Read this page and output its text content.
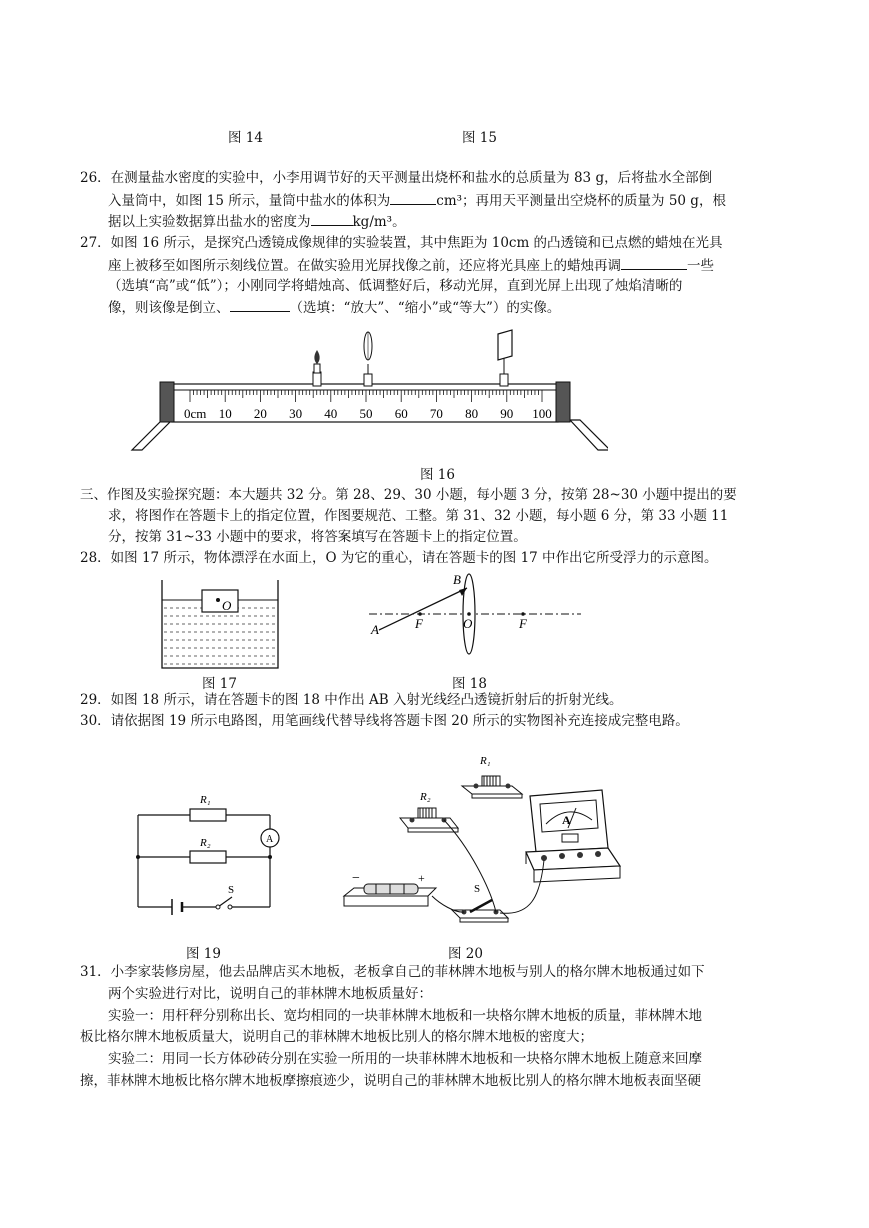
图 14	图 15
26．在测量盐水密度的实验中，小李用调节好的天平测量出烧杯和盐水的总质量为 83 g，后将盐水全部倒
入量筒中，如图 15 所示，量筒中盐水的体积为	cm³；再用天平测量出空烧杯的质量为 50 g，根
据以上实验数据算出盐水的密度为	kg/m³。
27．如图 16 所示，是探究凸透镜成像规律的实验装置，其中焦距为 10cm 的凸透镜和已点燃的蜡烛在光具
座上被移至如图所示刻线位置。在做实验用光屏找像之前，还应将光具座上的蜡烛再调	一些
（选填“高”或“低”）；小刚同学将蜡烛高、低调整好后，移动光屏，直到光屏上出现了烛焰清晰的
像，则该像是倒立、	（选填：“放大”、“缩小”或“等大”）的实像。
0cm 10 20 30 40 50 60 70 80 90 100
图 16
三、作图及实验探究题：本大题共 32 分。第 28、29、30 小题，每小题 3 分，按第 28~30 小题中提出的要
求，将图作在答题卡上的指定位置，作图要规范、工整。第 31、32 小题，每小题 6 分，第 33 小题 11
分，按第 31~33 小题中的要求，将答案填写在答题卡上的指定位置。
28．如图 17 所示，物体漂浮在水面上，O 为它的重心，请在答题卡的图 17 中作出它所受浮力的示意图。
O
A
B
F	O	F
图 17	图 18
29．如图 18 所示，请在答题卡的图 18 中作出 AB 入射光线经凸透镜折射后的折射光线。
30．请依据图 19 所示电路图，用笔画线代替导线将答题卡图 20 所示的实物图补充连接成完整电路。
R₁
R₂	A
S
R₁
R₂
A
−	+
S
图 19	图 20
31．小李家装修房屋，他去品牌店买木地板，老板拿自己的菲林牌木地板与别人的格尔牌木地板通过如下
两个实验进行对比，说明自己的菲林牌木地板质量好：
实验一：用杆秤分别称出长、宽均相同的一块菲林牌木地板和一块格尔牌木地板的质量，菲林牌木地
板比格尔牌木地板质量大，说明自己的菲林牌木地板比别人的格尔牌木地板的密度大；
实验二：用同一长方体砂砖分别在实验一所用的一块菲林牌木地板和一块格尔牌木地板上随意来回摩
擦，菲林牌木地板比格尔牌木地板摩擦痕迹少，说明自己的菲林牌木地板比别人的格尔牌木地板表面坚硬
